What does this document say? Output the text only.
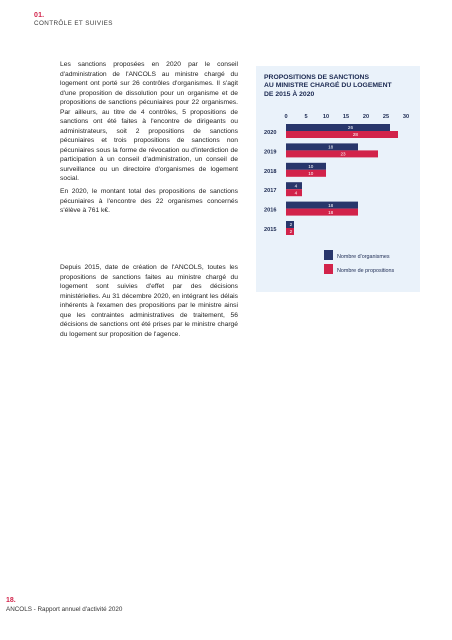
01.
CONTRÔLE ET SUIVIES

Les sanctions proposées en 2020 par le conseil d'administration de l'ANCOLS au ministre chargé du logement ont porté sur 26 contrôles d'organismes. Il s'agit d'une proposition de dissolution pour un organisme et de propositions de sanctions pécuniaires pour 22 organismes. Par ailleurs, au titre de 4 contrôles, 5 propositions de sanctions ont été faites à l'encontre de dirigeants ou administrateurs, soit 2 propositions de sanctions pécuniaires et trois propositions de sanctions non pécuniaires sous la forme de révocation ou d'interdiction de participation à un conseil d'administration, un conseil de surveillance ou un directoire d'organismes de logement social.

En 2020, le montant total des propositions de sanctions pécuniaires à l'encontre des 22 organismes concernés s'élève à 761 k€.

Depuis 2015, date de création de l'ANCOLS, toutes les propositions de sanctions faites au ministre chargé du logement sont suivies d'effet par des décisions ministérielles. Au 31 décembre 2020, en intégrant les délais inhérents à l'examen des propositions par le ministre ainsi que les contraintes administratives de traitement, 56 décisions de sanctions ont été prises par le ministre chargé du logement sur proposition de l'agence.

PROPOSITIONS DE SANCTIONS
AU MINISTRE CHARGÉ DU LOGEMENT
DE 2015 À 2020
0	5	10 15 20 25 30
2020
26
28
2019
18
23
2018
10
10
2017
4
4
2016
18
18
2015
2
2
Nombre d'organismes
Nombre de propositions
18.
ANCOLS - Rapport annuel d'activité 2020
